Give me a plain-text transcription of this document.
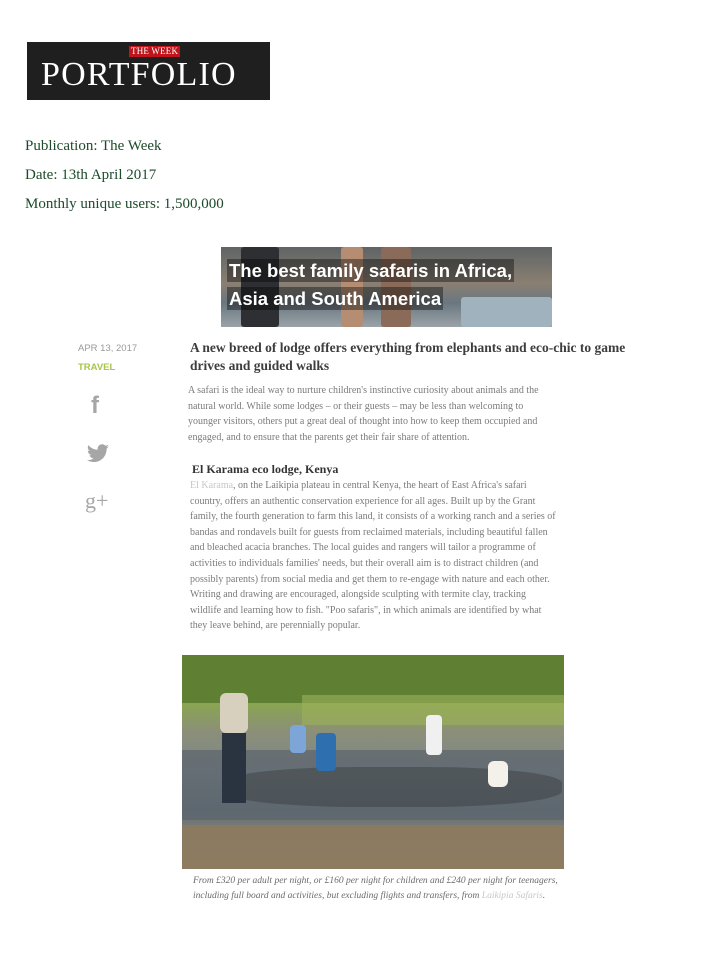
THE WEEK
PORTFOLIO
Publication: The Week
Date: 13th April 2017
Monthly unique users: 1,500,000
The best family safaris in Africa,
Asia and South America
APR 13, 2017
TRAVEL
f
g+
A new breed of lodge offers everything from elephants and eco-chic to game drives and guided walks
A safari is the ideal way to nurture children's instinctive curiosity about animals and the natural world. While some lodges – or their guests – may be less than welcoming to younger visitors, others put a great deal of thought into how to keep them occupied and engaged, and to ensure that the parents get their fair share of attention.
El Karama eco lodge, Kenya
El Karama, on the Laikipia plateau in central Kenya, the heart of East Africa's safari country, offers an authentic conservation experience for all ages. Built up by the Grant family, the fourth generation to farm this land, it consists of a working ranch and a series of bandas and rondavels built for guests from reclaimed materials, including beautiful fallen and bleached acacia branches. The local guides and rangers will tailor a programme of activities to individuals families' needs, but their overall aim is to distract children (and possibly parents) from social media and get them to re-engage with nature and each other. Writing and drawing are encouraged, alongside sculpting with termite clay, tracking wildlife and learning how to fish. "Poo safaris", in which animals are identified by what they leave behind, are perennially popular.
From £320 per adult per night, or £160 per night for children and £240 per night for teenagers, including full board and activities, but excluding flights and transfers, from Laikipia Safaris.
